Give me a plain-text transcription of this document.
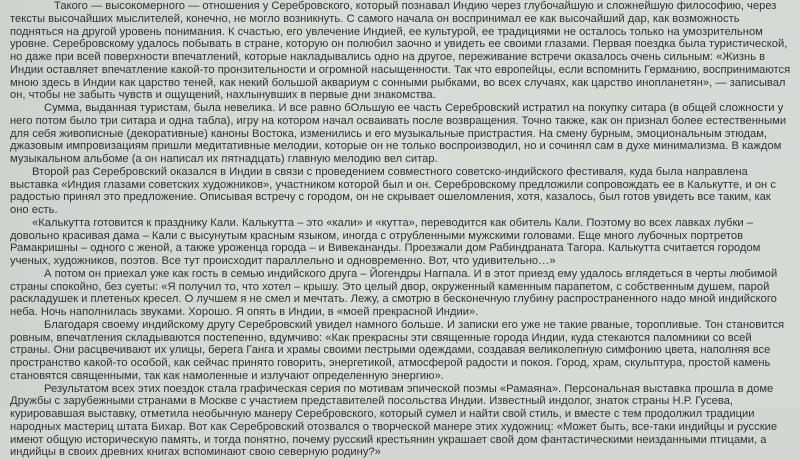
Такого — высокомерного — отношения у Серебровского, который познавал Индию через глубочайшую и сложнейшую философию, через тексты высочайших мыслителей, конечно, не могло возникнуть. С самого начала он воспринимал ее как высочайший дар, как возможность подняться на другой уровень понимания. К счастью, его увлечение Индией, ее культурой, ее традициями не осталось только на умозрительном уровне. Серебровскому удалось побывать в стране, которую он полюбил заочно и увидеть ее своими глазами. Первая поездка была туристической, но даже при всей поверхности впечатлений, которые накладывались одно на другое, переживание встречи оказалось очень сильным: «Жизнь в Индии оставляет впечатление какой-то пронзительности и огромной насыщенности. Так что европейцы, если вспомнить Германию, воспринимаются мною здесь в Индии как царство теней, как некий большой аквариум с сонными рыбками, во всех случаях, как царство инопланетян», — записывал он, чтобы не забыть чувств и ощущений, нахлынувших в первые дни знакомства.

Сумма, выданная туристам, была невелика. И все равно бОльшую ее часть Серебровский истратил на покупку ситара (в общей сложности у него потом было три ситара и одна табла), игру на котором начал осваивать после возвращения. Точно также, как он признал более естественными для себя живописные (декоративные) каноны Востока, изменились и его музыкальные пристрастия. На смену бурным, эмоциональным этюдам, джазовым импровизациям пришли медитативные мелодии, которые он не только воспроизводил, но и сочинял сам в духе минимализма. В каждом музыкальном альбоме (а он написал их пятнадцать) главную мелодию вел ситар.

Второй раз Серебровский оказался в Индии в связи с проведением совместного советско-индийского фестиваля, куда была направлена выставка «Индия глазами советских художников», участником которой был и он. Серебровскому предложили сопровождать ее в Калькутте, и он с радостью принял это предложение. Описывая встречу с городом, он не скрывает ошеломления, хотя, казалось, был готов увидеть все таким, как оно есть.

«Калькутта готовится к празднику Кали. Калькутта – это «кали» и «кутта», переводится как обитель Кали. Поэтому во всех лавках лубки – довольно красивая дама – Кали с высунутым красным языком, иногда с отрубленными мужскими головами. Еще много лубочных портретов Рамакришны – одного с женой, а также уроженца города – и Вивекананды. Проезжали дом Рабиндраната Тагора. Калькутта считается городом ученых, художников, поэтов. Все тут происходит параллельно и одновременно. Вот, что удивительно…»

А потом он приехал уже как гость в семью индийского друга – Йогендры Нагпала. И в этот приезд ему удалось вглядеться в черты любимой страны спокойно, без суеты: «Я получил то, что хотел – крышу. Это целый двор, окруженный каменным парапетом, с собственным душем, парой раскладушек и плетеных кресел. О лучшем я не смел и мечтать. Лежу, а смотрю в бесконечную глубину распространенного надо мной индийского неба. Ночь наполнилась звуками. Хорошо. Я опять в Индии, в «моей прекрасной Индии».

Благодаря своему индийскому другу Серебровский увидел намного больше. И записки его уже не такие рваные, торопливые. Тон становится ровным, впечатления складываются постепенно, вдумчиво: «Как прекрасны эти священные города Индии, куда стекаются паломники со всей страны. Они расцвечивают их улицы, берега Ганга и храмы своими пестрыми одеждами, создавая великолепную симфонию цвета, наполняя все пространство какой-то особой, как сейчас принято говорить, энергетикой, атмосферой радости и покоя. Город, храм, скульптура, простой камень становятся священными, так как намоленные и излучают определенную энергию».

Результатом всех этих поездок стала графическая серия по мотивам эпической поэмы «Рамаяна». Персональная выставка прошла в доме Дружбы с зарубежными странами в Москве с участием представителей посольства Индии. Известный индолог, знаток страны Н.Р. Гусева, курировавшая выставку, отметила необычную манеру Серебровского, который сумел и найти свой стиль, и вместе с тем продолжил традиции народных мастериц штата Бихар. Вот как Серебровский отозвался о творческой манере этих художниц: «Может быть, все-таки индийцы и русские имеют общую историческую память, и тогда понятно, почему русский крестьянин украшает свой дом фантастическими неизданными птицами, а индийцы в своих древних книгах вспоминают свою северную родину?»
